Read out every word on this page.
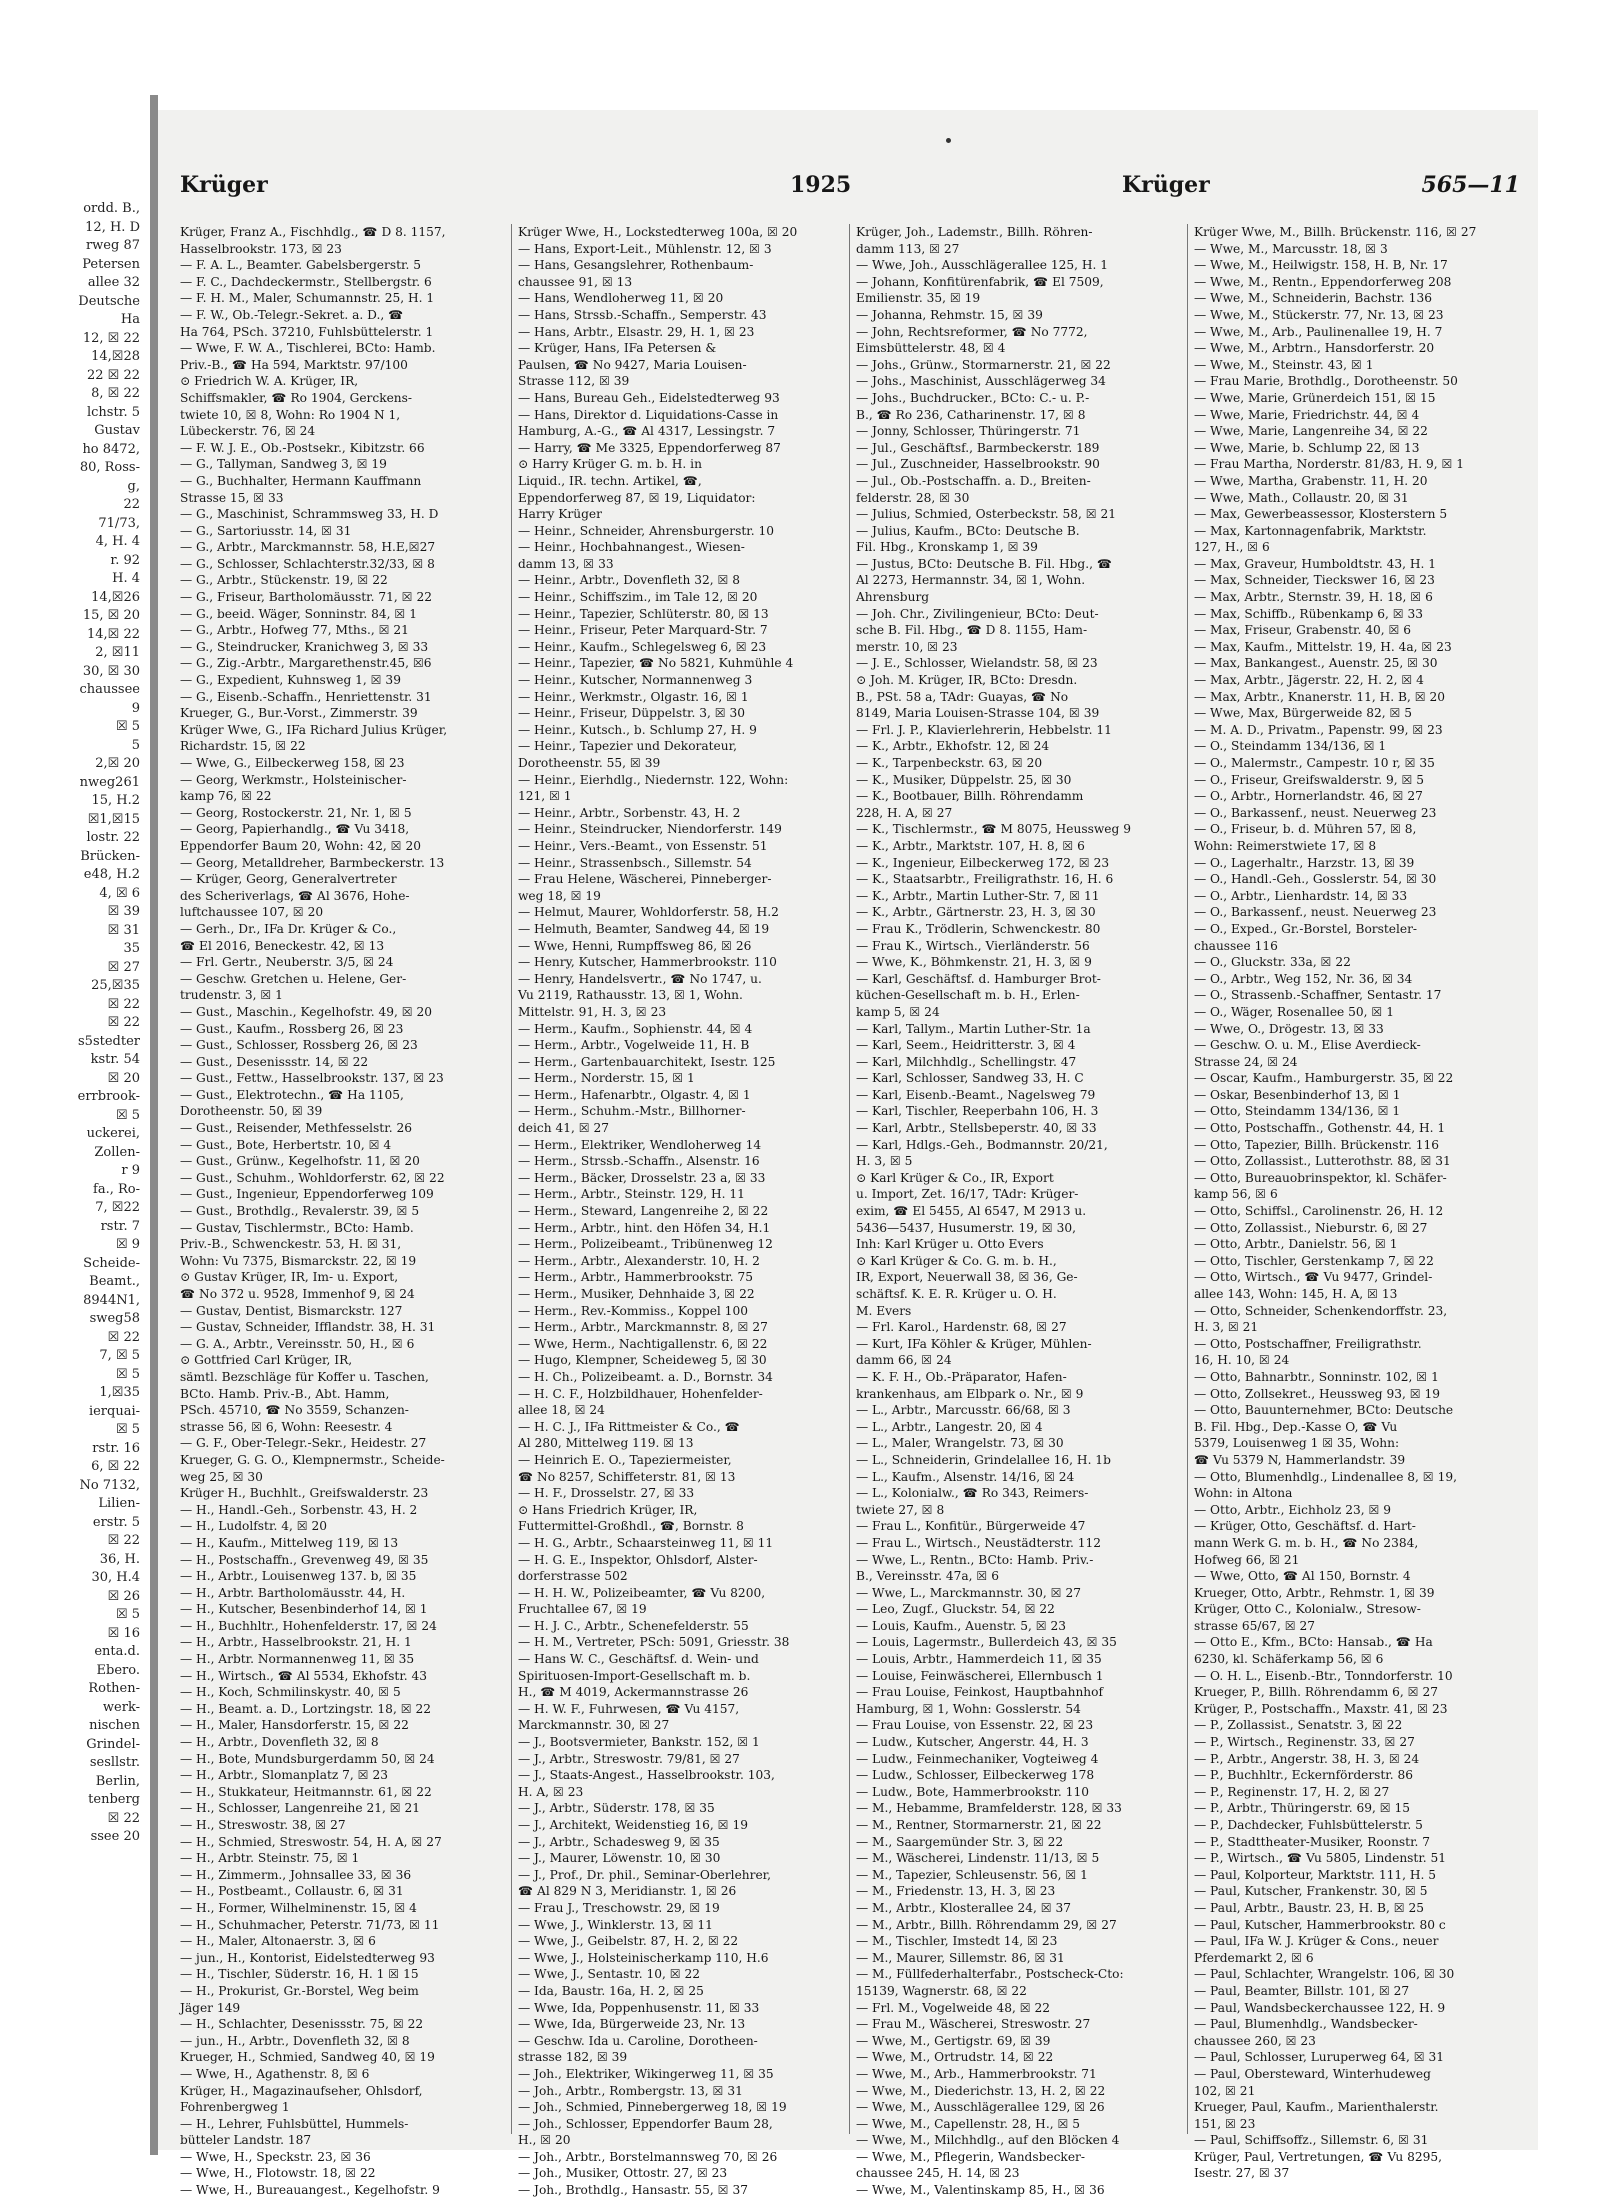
ordd. B.,
12, H. D
rweg 87
Petersen
allee 32
Deutsche
Ha
12, ☒ 22
14,☒28
22 ☒ 22
8, ☒ 22
lchstr. 5
Gustav
ho 8472,
80, Ross-
g,
22
71/73,
4, H. 4
r. 92
H. 4
14,☒26
15, ☒ 20
14,☒ 22
2, ☒11
30, ☒ 30
chaussee
9
☒ 5
5
2,☒ 20
nweg261
15, H.2
☒1,☒15
lostr. 22
Brücken-
e48, H.2
4, ☒ 6
☒ 39
☒ 31
35
☒ 27
25,☒35
☒ 22
☒ 22
s5stedter
kstr. 54
☒ 20
errbrook-
☒ 5
uckerei,
Zollen-
r 9
fa., Ro-
7, ☒22
rstr. 7
☒ 9
Scheide-
Beamt.,
8944N1,
sweg58
☒ 22
7, ☒ 5
☒ 5
1,☒35
ierquai-
☒ 5
rstr. 16
6, ☒ 22
No 7132,
Lilien-
erstr. 5
☒ 22
36, H.
30, H.4
☒ 26
☒ 5
☒ 16
enta.d.
Ebero.
Rothen-
werk-
nischen
Grindel-
sesllstr.
Berlin,
tenberg
☒ 22
ssee 20
Krüger	1925	Krüger	565—11
Krüger, Franz A., Fischhdlg., ☎ D 8. 1157,
Hasselbrookstr. 173, ☒ 23
— F. A. L., Beamter. Gabelsbergerstr. 5
— F. C., Dachdeckermstr., Stellbergstr. 6
— F. H. M., Maler, Schumannstr. 25, H. 1
— F. W., Ob.-Telegr.-Sekret. a. D., ☎
Ha 764, PSch. 37210, Fuhlsbüttelerstr. 1
— Wwe, F. W. A., Tischlerei, BCto: Hamb.
Priv.-B., ☎ Ha 594, Marktstr. 97/100
⊙ Friedrich W. A. Krüger, IR,
Schiffsmakler, ☎ Ro 1904, Gerckens-
twiete 10, ☒ 8, Wohn: Ro 1904 N 1,
Lübeckerstr. 76, ☒ 24
— F. W. J. E., Ob.-Postsekr., Kibitzstr. 66
— G., Tallyman, Sandweg 3, ☒ 19
— G., Buchhalter, Hermann Kauffmann
Strasse 15, ☒ 33
— G., Maschinist, Schrammsweg 33, H. D
— G., Sartoriusstr. 14, ☒ 31
— G., Arbtr., Marckmannstr. 58, H.E,☒27
— G., Schlosser, Schlachterstr.32/33, ☒ 8
— G., Arbtr., Stückenstr. 19, ☒ 22
— G., Friseur, Bartholomäusstr. 71, ☒ 22
— G., beeid. Wäger, Sonninstr. 84, ☒ 1
— G., Arbtr., Hofweg 77, Mths., ☒ 21
— G., Steindrucker, Kranichweg 3, ☒ 33
— G., Zig.-Arbtr., Margarethenstr.45, ☒6
— G., Expedient, Kuhnsweg 1, ☒ 39
— G., Eisenb.-Schaffn., Henriettenstr. 31
Krueger, G., Bur.-Vorst., Zimmerstr. 39
Krüger Wwe, G., IFa Richard Julius Krüger,
Richardstr. 15, ☒ 22
— Wwe, G., Eilbeckerweg 158, ☒ 23
— Georg, Werkmstr., Holsteinischer-
kamp 76, ☒ 22
— Georg, Rostockerstr. 21, Nr. 1, ☒ 5
— Georg, Papierhandlg., ☎ Vu 3418,
Eppendorfer Baum 20, Wohn: 42, ☒ 20
— Georg, Metalldreher, Barmbeckerstr. 13
— Krüger, Georg, Generalvertreter
des Scheriverlags, ☎ Al 3676, Hohe-
luftchaussee 107, ☒ 20
— Gerh., Dr., IFa Dr. Krüger & Co.,
☎ El 2016, Beneckestr. 42, ☒ 13
— Frl. Gertr., Neuberstr. 3/5, ☒ 24
— Geschw. Gretchen u. Helene, Ger-
trudenstr. 3, ☒ 1
— Gust., Maschin., Kegelhofstr. 49, ☒ 20
— Gust., Kaufm., Rossberg 26, ☒ 23
— Gust., Schlosser, Rossberg 26, ☒ 23
— Gust., Desenissstr. 14, ☒ 22
— Gust., Fettw., Hasselbrookstr. 137, ☒ 23
— Gust., Elektrotechn., ☎ Ha 1105,
Dorotheenstr. 50, ☒ 39
— Gust., Reisender, Methfesselstr. 26
— Gust., Bote, Herbertstr. 10, ☒ 4
— Gust., Grünw., Kegelhofstr. 11, ☒ 20
— Gust., Schuhm., Wohldorferstr. 62, ☒ 22
— Gust., Ingenieur, Eppendorferweg 109
— Gust., Brothdlg., Revalerstr. 39, ☒ 5
— Gustav, Tischlermstr., BCto: Hamb.
Priv.-B., Schwenckestr. 53, H. ☒ 31,
Wohn: Vu 7375, Bismarckstr. 22, ☒ 19
⊙ Gustav Krüger, IR, Im- u. Export,
☎ No 372 u. 9528, Immenhof 9, ☒ 24
— Gustav, Dentist, Bismarckstr. 127
— Gustav, Schneider, Ifflandstr. 38, H. 31
— G. A., Arbtr., Vereinsstr. 50, H., ☒ 6
⊙ Gottfried Carl Krüger, IR,
sämtl. Bezschläge für Koffer u. Taschen,
BCto. Hamb. Priv.-B., Abt. Hamm,
PSch. 45710, ☎ No 3559, Schanzen-
strasse 56, ☒ 6, Wohn: Reesestr. 4
— G. F., Ober-Telegr.-Sekr., Heidestr. 27
Krueger, G. G. O., Klempnermstr., Scheide-
weg 25, ☒ 30
Krüger H., Buchhlt., Greifswalderstr. 23
— H., Handl.-Geh., Sorbenstr. 43, H. 2
— H., Ludolfstr. 4, ☒ 20
— H., Kaufm., Mittelweg 119, ☒ 13
— H., Postschaffn., Grevenweg 49, ☒ 35
— H., Arbtr., Louisenweg 137. b, ☒ 35
— H., Arbtr. Bartholomäusstr. 44, H.
— H., Kutscher, Besenbinderhof 14, ☒ 1
— H., Buchhltr., Hohenfelderstr. 17, ☒ 24
— H., Arbtr., Hasselbrookstr. 21, H. 1
— H., Arbtr. Normannenweg 11, ☒ 35
— H., Wirtsch., ☎ Al 5534, Ekhofstr. 43
— H., Koch, Schmilinskystr. 40, ☒ 5
— H., Beamt. a. D., Lortzingstr. 18, ☒ 22
— H., Maler, Hansdorferstr. 15, ☒ 22
— H., Arbtr., Dovenfleth 32, ☒ 8
— H., Bote, Mundsburgerdamm 50, ☒ 24
— H., Arbtr., Slomanplatz 7, ☒ 23
— H., Stukkateur, Heitmannstr. 61, ☒ 22
— H., Schlosser, Langenreihe 21, ☒ 21
— H., Streswostr. 38, ☒ 27
— H., Schmied, Streswostr. 54, H. A, ☒ 27
— H., Arbtr. Steinstr. 75, ☒ 1
— H., Zimmerm., Johnsallee 33, ☒ 36
— H., Postbeamt., Collaustr. 6, ☒ 31
— H., Former, Wilhelminenstr. 15, ☒ 4
— H., Schuhmacher, Peterstr. 71/73, ☒ 11
— H., Maler, Altonaerstr. 3, ☒ 6
— jun., H., Kontorist, Eidelstedterweg 93
— H., Tischler, Süderstr. 16, H. 1 ☒ 15
— H., Prokurist, Gr.-Borstel, Weg beim
Jäger 149
— H., Schlachter, Desenissstr. 75, ☒ 22
— jun., H., Arbtr., Dovenfleth 32, ☒ 8
Krueger, H., Schmied, Sandweg 40, ☒ 19
— Wwe, H., Agathenstr. 8, ☒ 6
Krüger, H., Magazinaufseher, Ohlsdorf,
Fohrenbergweg 1
— H., Lehrer, Fuhlsbüttel, Hummels-
bütteler Landstr. 187
— Wwe, H., Speckstr. 23, ☒ 36
— Wwe, H., Flotowstr. 18, ☒ 22
— Wwe, H., Bureauangest., Kegelhofstr. 9
Krüger Wwe, H., Lockstedterweg 100a, ☒ 20
— Hans, Export-Leit., Mühlenstr. 12, ☒ 3
— Hans, Gesangslehrer, Rothenbaum-
chaussee 91, ☒ 13
— Hans, Wendloherweg 11, ☒ 20
— Hans, Strssb.-Schaffn., Semperstr. 43
— Hans, Arbtr., Elsastr. 29, H. 1, ☒ 23
— Krüger, Hans, IFa Petersen &
Paulsen, ☎ No 9427, Maria Louisen-
Strasse 112, ☒ 39
— Hans, Bureau Geh., Eidelstedterweg 93
— Hans, Direktor d. Liquidations-Casse in
Hamburg, A.-G., ☎ Al 4317, Lessingstr. 7
— Harry, ☎ Me 3325, Eppendorferweg 87
⊙ Harry Krüger G. m. b. H. in
Liquid., IR. techn. Artikel, ☎,
Eppendorferweg 87, ☒ 19, Liquidator:
Harry Krüger
— Heinr., Schneider, Ahrensburgerstr. 10
— Heinr., Hochbahnangest., Wiesen-
damm 13, ☒ 33
— Heinr., Arbtr., Dovenfleth 32, ☒ 8
— Heinr., Schiffszim., im Tale 12, ☒ 20
— Heinr., Tapezier, Schlüterstr. 80, ☒ 13
— Heinr., Friseur, Peter Marquard-Str. 7
— Heinr., Kaufm., Schlegelsweg 6, ☒ 23
— Heinr., Tapezier, ☎ No 5821, Kuhmühle 4
— Heinr., Kutscher, Normannenweg 3
— Heinr., Werkmstr., Olgastr. 16, ☒ 1
— Heinr., Friseur, Düppelstr. 3, ☒ 30
— Heinr., Kutsch., b. Schlump 27, H. 9
— Heinr., Tapezier und Dekorateur,
Dorotheenstr. 55, ☒ 39
— Heinr., Eierhdlg., Niedernstr. 122, Wohn:
121, ☒ 1
— Heinr., Arbtr., Sorbenstr. 43, H. 2
— Heinr., Steindrucker, Niendorferstr. 149
— Heinr., Vers.-Beamt., von Essenstr. 51
— Heinr., Strassenbsch., Sillemstr. 54
— Frau Helene, Wäscherei, Pinneberger-
weg 18, ☒ 19
— Helmut, Maurer, Wohldorferstr. 58, H.2
— Helmuth, Beamter, Sandweg 44, ☒ 19
— Wwe, Henni, Rumpffsweg 86, ☒ 26
— Henry, Kutscher, Hammerbrookstr. 110
— Henry, Handelsvertr., ☎ No 1747, u.
Vu 2119, Rathausstr. 13, ☒ 1, Wohn.
Mittelstr. 91, H. 3, ☒ 23
— Herm., Kaufm., Sophienstr. 44, ☒ 4
— Herm., Arbtr., Vogelweide 11, H. B
— Herm., Gartenbauarchitekt, Isestr. 125
— Herm., Norderstr. 15, ☒ 1
— Herm., Hafenarbtr., Olgastr. 4, ☒ 1
— Herm., Schuhm.-Mstr., Billhorner-
deich 41, ☒ 27
— Herm., Elektriker, Wendloherweg 14
— Herm., Strssb.-Schaffn., Alsenstr. 16
— Herm., Bäcker, Drosselstr. 23 a, ☒ 33
— Herm., Arbtr., Steinstr. 129, H. 11
— Herm., Steward, Langenreihe 2, ☒ 22
— Herm., Arbtr., hint. den Höfen 34, H.1
— Herm., Polizeibeamt., Tribünenweg 12
— Herm., Arbtr., Alexanderstr. 10, H. 2
— Herm., Arbtr., Hammerbrookstr. 75
— Herm., Musiker, Dehnhaide 3, ☒ 22
— Herm., Rev.-Kommiss., Koppel 100
— Herm., Arbtr., Marckmannstr. 8, ☒ 27
— Wwe, Herm., Nachtigallenstr. 6, ☒ 22
— Hugo, Klempner, Scheideweg 5, ☒ 30
— H. Ch., Polizeibeamt. a. D., Bornstr. 34
— H. C. F., Holzbildhauer, Hohenfelder-
allee 18, ☒ 24
— H. C. J., IFa Rittmeister & Co., ☎
Al 280, Mittelweg 119. ☒ 13
— Heinrich E. O., Tapeziermeister,
☎ No 8257, Schiffeterstr. 81, ☒ 13
— H. F., Drosselstr. 27, ☒ 33
⊙ Hans Friedrich Krüger, IR,
Futtermittel-Großhdl., ☎, Bornstr. 8
— H. G., Arbtr., Schaarsteinweg 11, ☒ 11
— H. G. E., Inspektor, Ohlsdorf, Alster-
dorferstrasse 502
— H. H. W., Polizeibeamter, ☎ Vu 8200,
Fruchtallee 67, ☒ 19
— H. J. C., Arbtr., Schenefelderstr. 55
— H. M., Vertreter, PSch: 5091, Griesstr. 38
— Hans W. C., Geschäftsf. d. Wein- und
Spirituosen-Import-Gesellschaft m. b.
H., ☎ M 4019, Ackermannstrasse 26
— H. W. F., Fuhrwesen, ☎ Vu 4157,
Marckmannstr. 30, ☒ 27
— J., Bootsvermieter, Bankstr. 152, ☒ 1
— J., Arbtr., Streswostr. 79/81, ☒ 27
— J., Staats-Angest., Hasselbrookstr. 103,
H. A, ☒ 23
— J., Arbtr., Süderstr. 178, ☒ 35
— J., Architekt, Weidenstieg 16, ☒ 19
— J., Arbtr., Schadesweg 9, ☒ 35
— J., Maurer, Löwenstr. 10, ☒ 30
— J., Prof., Dr. phil., Seminar-Oberlehrer,
☎ Al 829 N 3, Meridianstr. 1, ☒ 26
— Frau J., Treschowstr. 29, ☒ 19
— Wwe, J., Winklerstr. 13, ☒ 11
— Wwe, J., Geibelstr. 87, H. 2, ☒ 22
— Wwe, J., Holsteinischerkamp 110, H.6
— Wwe, J., Sentastr. 10, ☒ 22
— Ida, Baustr. 16a, H. 2, ☒ 25
— Wwe, Ida, Poppenhusenstr. 11, ☒ 33
— Wwe, Ida, Bürgerweide 23, Nr. 13
— Geschw. Ida u. Caroline, Dorotheen-
strasse 182, ☒ 39
— Joh., Elektriker, Wikingerweg 11, ☒ 35
— Joh., Arbtr., Rombergstr. 13, ☒ 31
— Joh., Schmied, Pinnebergerweg 18, ☒ 19
— Joh., Schlosser, Eppendorfer Baum 28,
H., ☒ 20
— Joh., Arbtr., Borstelmannsweg 70, ☒ 26
— Joh., Musiker, Ottostr. 27, ☒ 23
— Joh., Brothdlg., Hansastr. 55, ☒ 37
Krüger, Joh., Lademstr., Billh. Röhren-
damm 113, ☒ 27
— Wwe, Joh., Ausschlägerallee 125, H. 1
— Johann, Konfitürenfabrik, ☎ El 7509,
Emilienstr. 35, ☒ 19
— Johanna, Rehmstr. 15, ☒ 39
— John, Rechtsreformer, ☎ No 7772,
Eimsbüttelerstr. 48, ☒ 4
— Johs., Grünw., Stormarnerstr. 21, ☒ 22
— Johs., Maschinist, Ausschlägerweg 34
— Johs., Buchdrucker., BCto: C.- u. P.-
B., ☎ Ro 236, Catharinenstr. 17, ☒ 8
— Jonny, Schlosser, Thüringerstr. 71
— Jul., Geschäftsf., Barmbeckerstr. 189
— Jul., Zuschneider, Hasselbrookstr. 90
— Jul., Ob.-Postschaffn. a. D., Breiten-
felderstr. 28, ☒ 30
— Julius, Schmied, Osterbeckstr. 58, ☒ 21
— Julius, Kaufm., BCto: Deutsche B.
Fil. Hbg., Kronskamp 1, ☒ 39
— Justus, BCto: Deutsche B. Fil. Hbg., ☎
Al 2273, Hermannstr. 34, ☒ 1, Wohn.
Ahrensburg
— Joh. Chr., Zivilingenieur, BCto: Deut-
sche B. Fil. Hbg., ☎ D 8. 1155, Ham-
merstr. 10, ☒ 23
— J. E., Schlosser, Wielandstr. 58, ☒ 23
⊙ Joh. M. Krüger, IR, BCto: Dresdn.
B., PSt. 58 a, TAdr: Guayas, ☎ No
8149, Maria Louisen-Strasse 104, ☒ 39
— Frl. J. P., Klavierlehrerin, Hebbelstr. 11
— K., Arbtr., Ekhofstr. 12, ☒ 24
— K., Tarpenbeckstr. 63, ☒ 20
— K., Musiker, Düppelstr. 25, ☒ 30
— K., Bootbauer, Billh. Röhrendamm
228, H. A, ☒ 27
— K., Tischlermstr., ☎ M 8075, Heussweg 9
— K., Arbtr., Marktstr. 107, H. 8, ☒ 6
— K., Ingenieur, Eilbeckerweg 172, ☒ 23
— K., Staatsarbtr., Freiligrathstr. 16, H. 6
— K., Arbtr., Martin Luther-Str. 7, ☒ 11
— K., Arbtr., Gärtnerstr. 23, H. 3, ☒ 30
— Frau K., Trödlerin, Schwenckestr. 80
— Frau K., Wirtsch., Vierländerstr. 56
— Wwe, K., Böhmkenstr. 21, H. 3, ☒ 9
— Karl, Geschäftsf. d. Hamburger Brot-
küchen-Gesellschaft m. b. H., Erlen-
kamp 5, ☒ 24
— Karl, Tallym., Martin Luther-Str. 1a
— Karl, Seem., Heidritterstr. 3, ☒ 4
— Karl, Milchhdlg., Schellingstr. 47
— Karl, Schlosser, Sandweg 33, H. C
— Karl, Eisenb.-Beamt., Nagelsweg 79
— Karl, Tischler, Reeperbahn 106, H. 3
— Karl, Arbtr., Stellsbeperstr. 40, ☒ 33
— Karl, Hdlgs.-Geh., Bodmannstr. 20/21,
H. 3, ☒ 5
⊙ Karl Krüger & Co., IR, Export
u. Import, Zet. 16/17, TAdr: Krüger-
exim, ☎ El 5455, Al 6547, M 2913 u.
5436—5437, Husumerstr. 19, ☒ 30,
Inh: Karl Krüger u. Otto Evers
⊙ Karl Krüger & Co. G. m. b. H.,
IR, Export, Neuerwall 38, ☒ 36, Ge-
schäftsf. K. E. R. Krüger u. O. H.
M. Evers
— Frl. Karol., Hardenstr. 68, ☒ 27
— Kurt, IFa Köhler & Krüger, Mühlen-
damm 66, ☒ 24
— K. F. H., Ob.-Präparator, Hafen-
krankenhaus, am Elbpark o. Nr., ☒ 9
— L., Arbtr., Marcusstr. 66/68, ☒ 3
— L., Arbtr., Langestr. 20, ☒ 4
— L., Maler, Wrangelstr. 73, ☒ 30
— L., Schneiderin, Grindelallee 16, H. 1b
— L., Kaufm., Alsenstr. 14/16, ☒ 24
— L., Kolonialw., ☎ Ro 343, Reimers-
twiete 27, ☒ 8
— Frau L., Konfitür., Bürgerweide 47
— Frau L., Wirtsch., Neustädterstr. 112
— Wwe, L., Rentn., BCto: Hamb. Priv.-
B., Vereinsstr. 47a, ☒ 6
— Wwe, L., Marckmannstr. 30, ☒ 27
— Leo, Zugf., Gluckstr. 54, ☒ 22
— Louis, Kaufm., Auenstr. 5, ☒ 23
— Louis, Lagermstr., Bullerdeich 43, ☒ 35
— Louis, Arbtr., Hammerdeich 11, ☒ 35
— Louise, Feinwäscherei, Ellernbusch 1
— Frau Louise, Feinkost, Hauptbahnhof
Hamburg, ☒ 1, Wohn: Gosslerstr. 54
— Frau Louise, von Essenstr. 22, ☒ 23
— Ludw., Kutscher, Angerstr. 44, H. 3
— Ludw., Feinmechaniker, Vogteiweg 4
— Ludw., Schlosser, Eilbeckerweg 178
— Ludw., Bote, Hammerbrookstr. 110
— M., Hebamme, Bramfelderstr. 128, ☒ 33
— M., Rentner, Stormarnerstr. 21, ☒ 22
— M., Saargemünder Str. 3, ☒ 22
— M., Wäscherei, Lindenstr. 11/13, ☒ 5
— M., Tapezier, Schleusenstr. 56, ☒ 1
— M., Friedenstr. 13, H. 3, ☒ 23
— M., Arbtr., Klosterallee 24, ☒ 37
— M., Arbtr., Billh. Röhrendamm 29, ☒ 27
— M., Tischler, Imstedt 14, ☒ 23
— M., Maurer, Sillemstr. 86, ☒ 31
— M., Füllfederhalterfabr., Postscheck-Cto:
15139, Wagnerstr. 68, ☒ 22
— Frl. M., Vogelweide 48, ☒ 22
— Frau M., Wäscherei, Streswostr. 27
— Wwe, M., Gertigstr. 69, ☒ 39
— Wwe, M., Ortrudstr. 14, ☒ 22
— Wwe, M., Arb., Hammerbrookstr. 71
— Wwe, M., Diederichstr. 13, H. 2, ☒ 22
— Wwe, M., Ausschlägerallee 129, ☒ 26
— Wwe, M., Capellenstr. 28, H., ☒ 5
— Wwe, M., Milchhdlg., auf den Blöcken 4
— Wwe, M., Pflegerin, Wandsbecker-
chaussee 245, H. 14, ☒ 23
— Wwe, M., Valentinskamp 85, H., ☒ 36
Krüger Wwe, M., Billh. Brückenstr. 116, ☒ 27
— Wwe, M., Marcusstr. 18, ☒ 3
— Wwe, M., Heilwigstr. 158, H. B, Nr. 17
— Wwe, M., Rentn., Eppendorferweg 208
— Wwe, M., Schneiderin, Bachstr. 136
— Wwe, M., Stückerstr. 77, Nr. 13, ☒ 23
— Wwe, M., Arb., Paulinenallee 19, H. 7
— Wwe, M., Arbtrn., Hansdorferstr. 20
— Wwe, M., Steinstr. 43, ☒ 1
— Frau Marie, Brothdlg., Dorotheenstr. 50
— Wwe, Marie, Grünerdeich 151, ☒ 15
— Wwe, Marie, Friedrichstr. 44, ☒ 4
— Wwe, Marie, Langenreihe 34, ☒ 22
— Wwe, Marie, b. Schlump 22, ☒ 13
— Frau Martha, Norderstr. 81/83, H. 9, ☒ 1
— Wwe, Martha, Grabenstr. 11, H. 20
— Wwe, Math., Collaustr. 20, ☒ 31
— Max, Gewerbeassessor, Klosterstern 5
— Max, Kartonnagenfabrik, Marktstr.
127, H., ☒ 6
— Max, Graveur, Humboldtstr. 43, H. 1
— Max, Schneider, Tieckswег 16, ☒ 23
— Max, Arbtr., Sternstr. 39, H. 18, ☒ 6
— Max, Schiffb., Rübenkamp 6, ☒ 33
— Max, Friseur, Grabenstr. 40, ☒ 6
— Max, Kaufm., Mittelstr. 19, H. 4a, ☒ 23
— Max, Bankangest., Auenstr. 25, ☒ 30
— Max, Arbtr., Jägerstr. 22, H. 2, ☒ 4
— Max, Arbtr., Knanerstr. 11, H. B, ☒ 20
— Wwe, Max, Bürgerweide 82, ☒ 5
— M. A. D., Privatm., Papenstr. 99, ☒ 23
— O., Steindamm 134/136, ☒ 1
— O., Malermstr., Campestr. 10 r, ☒ 35
— O., Friseur, Greifswalderstr. 9, ☒ 5
— O., Arbtr., Hornerlandstr. 46, ☒ 27
— O., Barkassenf., neust. Neuerweg 23
— O., Friseur, b. d. Mühren 57, ☒ 8,
Wohn: Reimerstwiete 17, ☒ 8
— O., Lagerhaltr., Harzstr. 13, ☒ 39
— O., Handl.-Geh., Gosslerstr. 54, ☒ 30
— O., Arbtr., Lienhardstr. 14, ☒ 33
— O., Barkassenf., neust. Neuerweg 23
— O., Exped., Gr.-Borstel, Borsteler-
chaussee 116
— O., Gluckstr. 33a, ☒ 22
— O., Arbtr., Weg 152, Nr. 36, ☒ 34
— O., Strassenb.-Schaffner, Sentastr. 17
— O., Wäger, Rosenallee 50, ☒ 1
— Wwe, O., Drögestr. 13, ☒ 33
— Geschw. O. u. M., Elise Averdieck-
Strasse 24, ☒ 24
— Oscar, Kaufm., Hamburgerstr. 35, ☒ 22
— Oskar, Besenbinderhof 13, ☒ 1
— Otto, Steindamm 134/136, ☒ 1
— Otto, Postschaffn., Gothenstr. 44, H. 1
— Otto, Tapezier, Billh. Brückenstr. 116
— Otto, Zollassist., Lutterothstr. 88, ☒ 31
— Otto, Bureauobrinspektor, kl. Schäfer-
kamp 56, ☒ 6
— Otto, Schiffsl., Carolinenstr. 26, H. 12
— Otto, Zollassist., Nieburstr. 6, ☒ 27
— Otto, Arbtr., Danielstr. 56, ☒ 1
— Otto, Tischler, Gerstenkamp 7, ☒ 22
— Otto, Wirtsch., ☎ Vu 9477, Grindel-
allee 143, Wohn: 145, H. A, ☒ 13
— Otto, Schneider, Schenkendorffstr. 23,
H. 3, ☒ 21
— Otto, Postschaffner, Freiligrathstr.
16, H. 10, ☒ 24
— Otto, Bahnarbtr., Sonninstr. 102, ☒ 1
— Otto, Zollsekret., Heussweg 93, ☒ 19
— Otto, Bauunternehmer, BCto: Deutsche
B. Fil. Hbg., Dep.-Kasse O, ☎ Vu
5379, Louisenweg 1 ☒ 35, Wohn:
☎ Vu 5379 N, Hammerlandstr. 39
— Otto, Blumenhdlg., Lindenallee 8, ☒ 19,
Wohn: in Altona
— Otto, Arbtr., Eichholz 23, ☒ 9
— Krüger, Otto, Geschäftsf. d. Hart-
mann Werk G. m. b. H., ☎ No 2384,
Hofweg 66, ☒ 21
— Wwe, Otto, ☎ Al 150, Bornstr. 4
Krueger, Otto, Arbtr., Rehmstr. 1, ☒ 39
Krüger, Otto C., Kolonialw., Stresow-
strasse 65/67, ☒ 27
— Otto E., Kfm., BCto: Hansab., ☎ Ha
6230, kl. Schäferkamp 56, ☒ 6
— O. H. L., Eisenb.-Btr., Tonndorferstr. 10
Krueger, P., Billh. Röhrendamm 6, ☒ 27
Krüger, P., Postschaffn., Maxstr. 41, ☒ 23
— P., Zollassist., Senatstr. 3, ☒ 22
— P., Wirtsch., Reginenstr. 33, ☒ 27
— P., Arbtr., Angerstr. 38, H. 3, ☒ 24
— P., Buchhltr., Eckernförderstr. 86
— P., Reginenstr. 17, H. 2, ☒ 27
— P., Arbtr., Thüringerstr. 69, ☒ 15
— P., Dachdecker, Fuhlsbüttelerstr. 5
— P., Stadttheater-Musiker, Roonstr. 7
— P., Wirtsch., ☎ Vu 5805, Lindenstr. 51
— Paul, Kolporteur, Marktstr. 111, H. 5
— Paul, Kutscher, Frankenstr. 30, ☒ 5
— Paul, Arbtr., Baustr. 23, H. B, ☒ 25
— Paul, Kutscher, Hammerbrookstr. 80 c
— Paul, IFa W. J. Krüger & Cons., neuer
Pferdemarkt 2, ☒ 6
— Paul, Schlachter, Wrangelstr. 106, ☒ 30
— Paul, Beamter, Billstr. 101, ☒ 27
— Paul, Wandsbeckerchaussee 122, H. 9
— Paul, Blumenhdlg., Wandsbecker-
chaussee 260, ☒ 23
— Paul, Schlosser, Lurupеrweg 64, ☒ 31
— Paul, Oberstеward, Winterhudeweg
102, ☒ 21
Krueger, Paul, Kaufm., Marienthalerstr.
151, ☒ 23
— Paul, Schiffsoffz., Sillemstr. 6, ☒ 31
Krüger, Paul, Vertretungen, ☎ Vu 8295,
Isestr. 27, ☒ 37
